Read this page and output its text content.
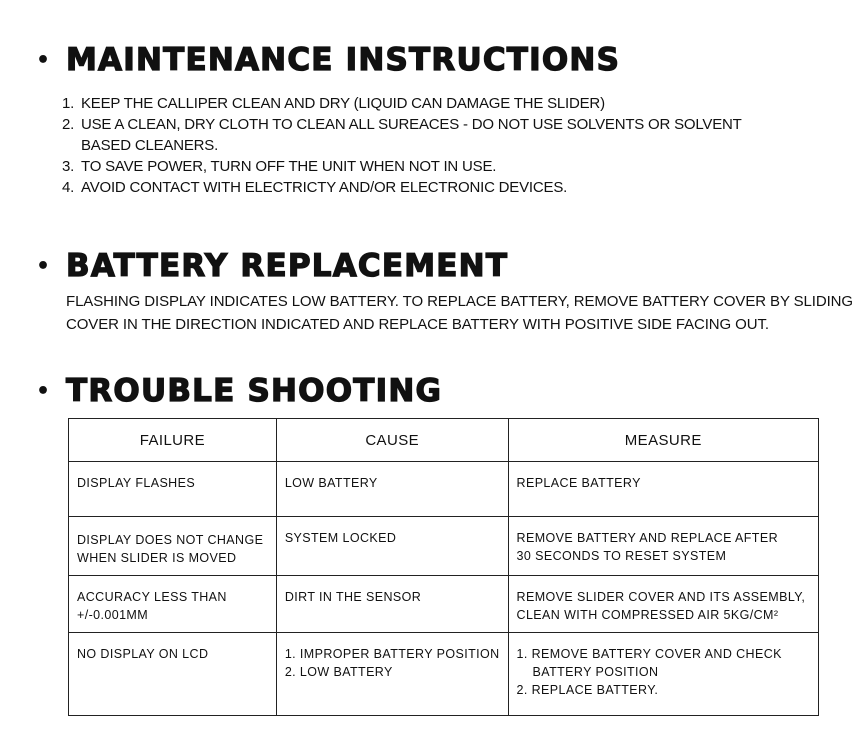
• MAINTENANCE INSTRUCTIONS
1. KEEP THE CALLIPER CLEAN AND DRY (LIQUID CAN DAMAGE THE SLIDER)
2. USE A CLEAN, DRY CLOTH TO CLEAN ALL SUREACES - DO NOT USE SOLVENTS OR SOLVENT
BASED CLEANERS.
3. TO SAVE POWER, TURN OFF THE UNIT WHEN NOT IN USE.
4. AVOID CONTACT WITH ELECTRICTY AND/OR ELECTRONIC DEVICES.
• BATTERY REPLACEMENT

FLASHING DISPLAY INDICATES LOW BATTERY. TO REPLACE BATTERY, REMOVE BATTERY COVER BY SLIDING
COVER IN THE DIRECTION INDICATED AND REPLACE BATTERY WITH POSITIVE SIDE FACING OUT.

• TROUBLE SHOOTING
FAILURE	CAUSE	MEASURE

DISPLAY FLASHES	LOW BATTERY	REPLACE BATTERY

DISPLAY DOES NOT CHANGE
WHEN SLIDER IS MOVED	SYSTEM LOCKED	REMOVE BATTERY AND REPLACE AFTER
30 SECONDS TO RESET SYSTEM

ACCURACY LESS THAN
+/-0.001MM	DIRT IN THE SENSOR	REMOVE SLIDER COVER AND ITS ASSEMBLY,
CLEAN WITH COMPRESSED AIR 5KG/CM²

NO DISPLAY ON LCD	1. IMPROPER BATTERY POSITION
2. LOW BATTERY	1. REMOVE BATTERY COVER AND CHECK
BATTERY POSITION
2. REPLACE BATTERY.
